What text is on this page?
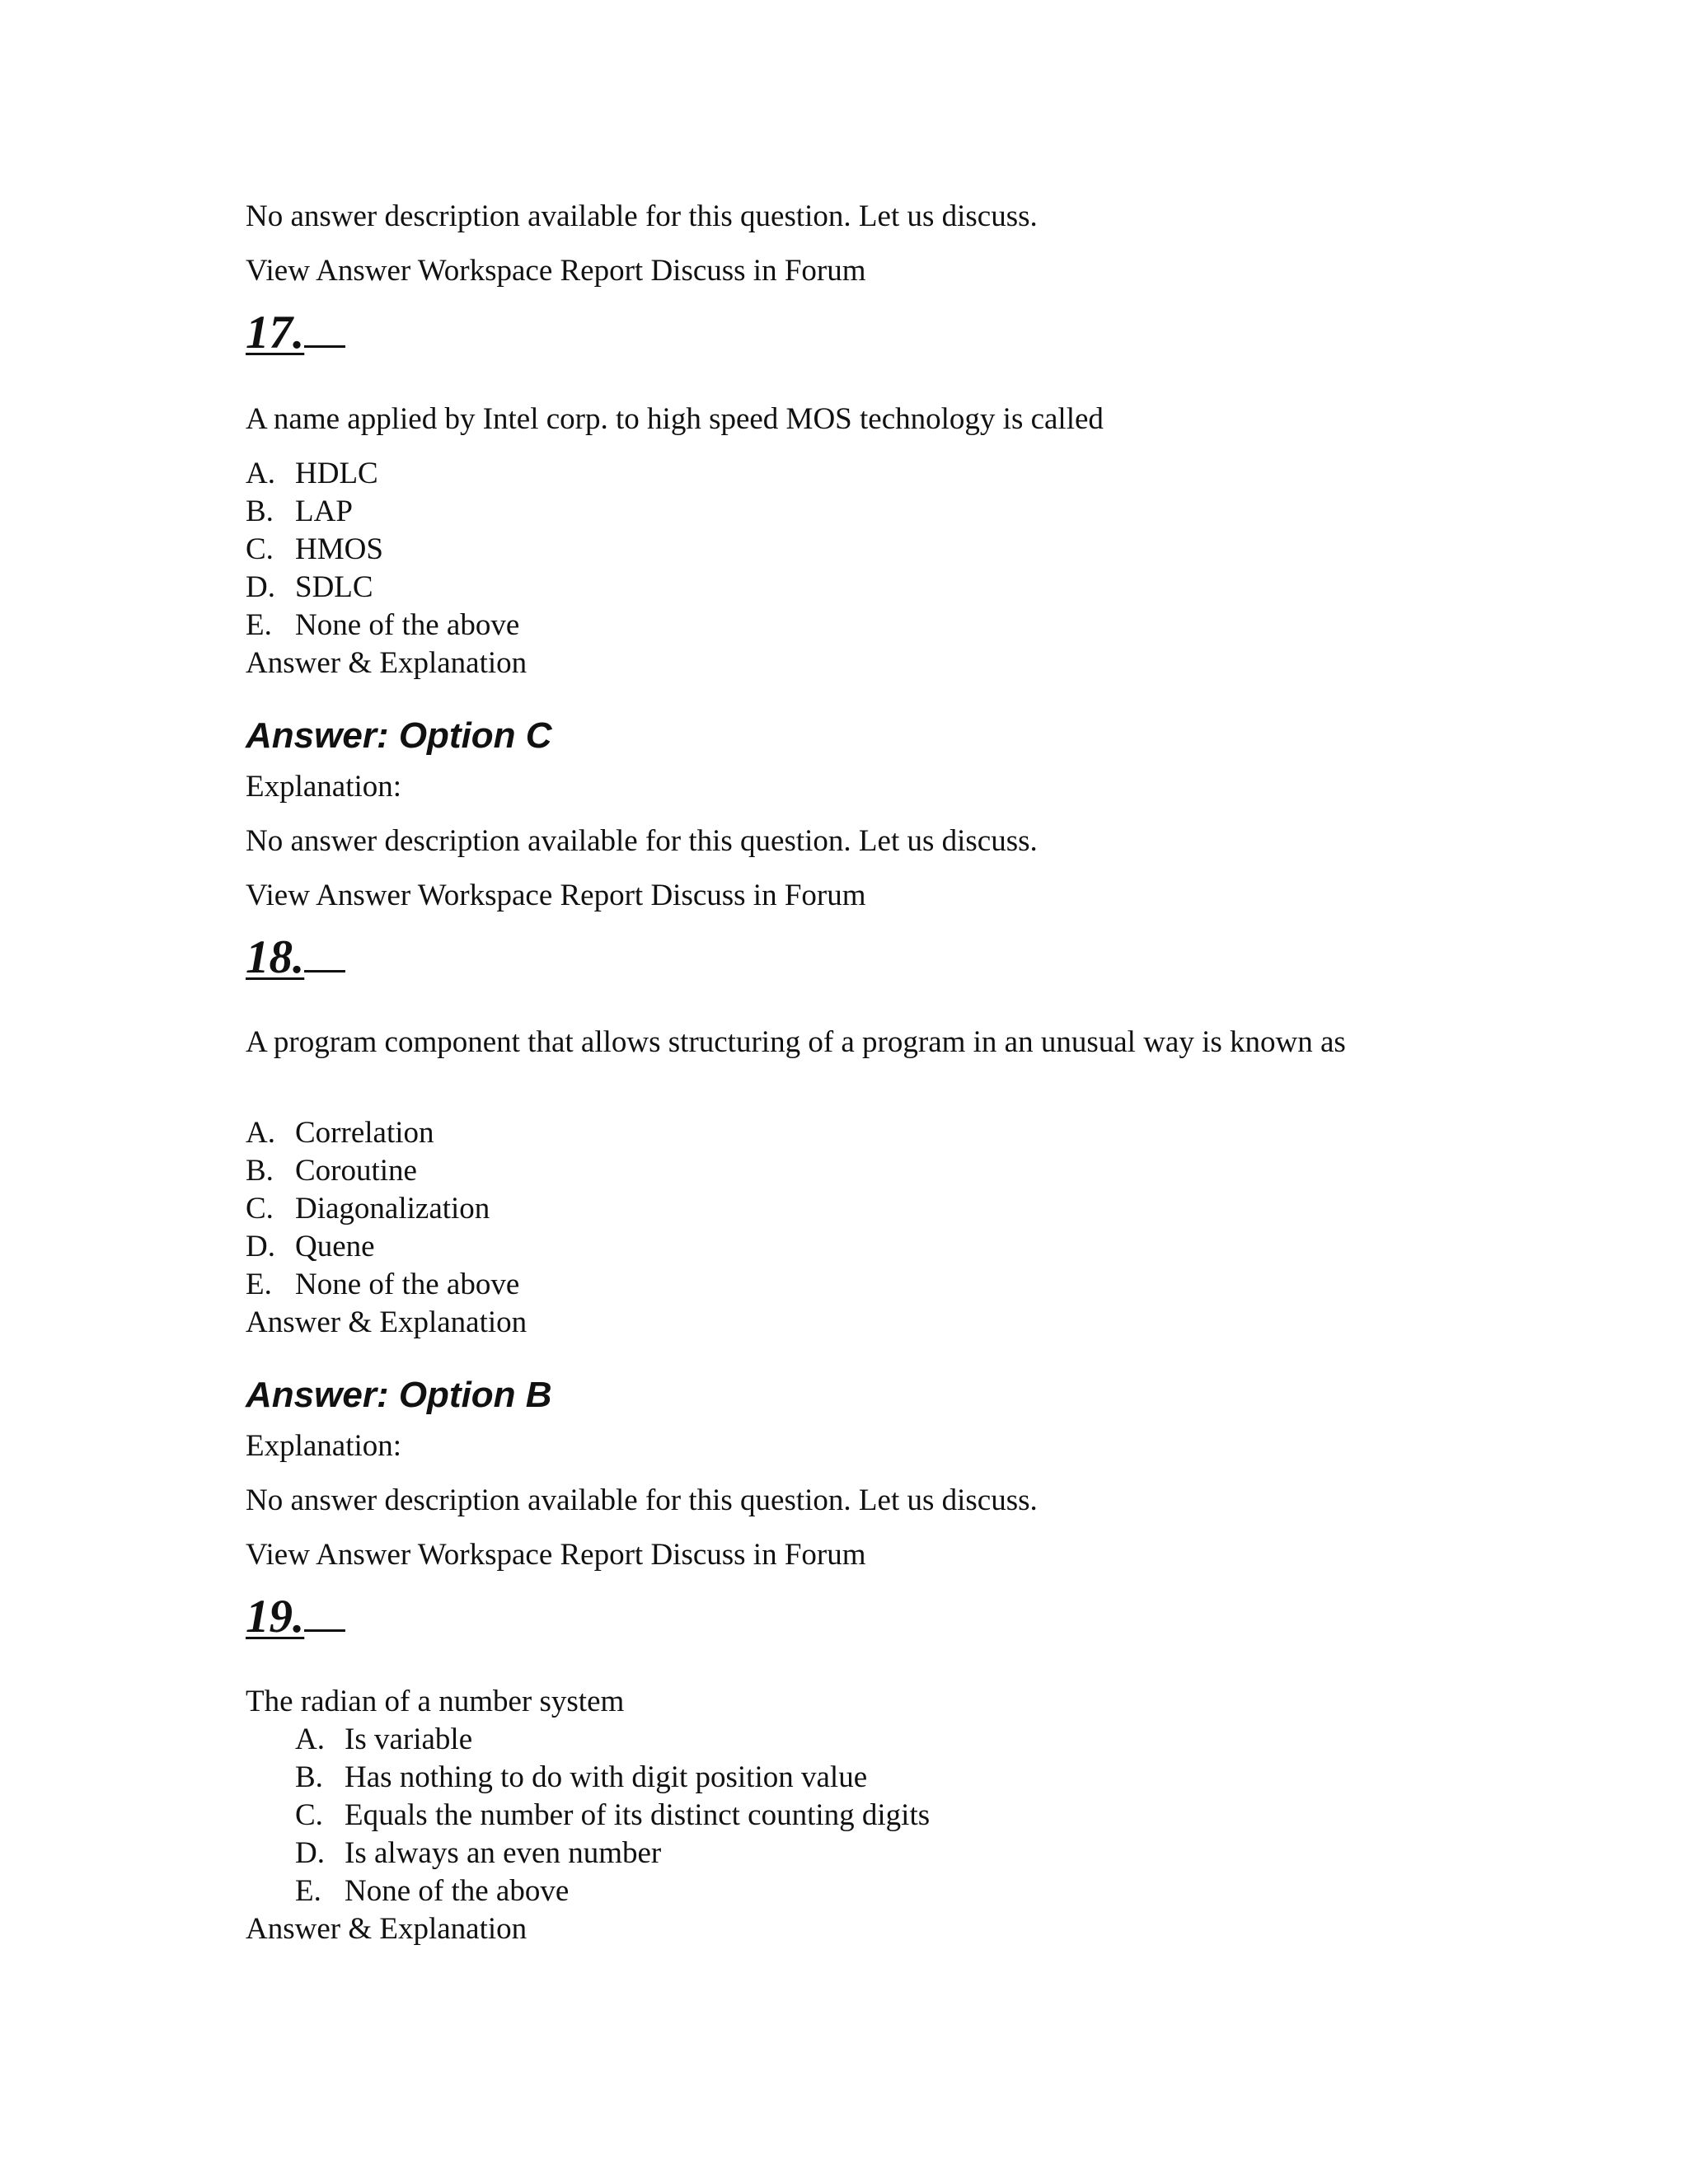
No answer description available for this question. Let us discuss.
View Answer Workspace Report Discuss in Forum
17.
A name applied by Intel corp. to high speed MOS technology is called
A. HDLC
B. LAP
C. HMOS
D. SDLC
E. None of the above
Answer & Explanation
Answer: Option C
Explanation:
No answer description available for this question. Let us discuss.
View Answer Workspace Report Discuss in Forum
18.
A program component that allows structuring of a program in an unusual way is known as
A. Correlation
B. Coroutine
C. Diagonalization
D. Quene
E. None of the above
Answer & Explanation
Answer: Option B
Explanation:
No answer description available for this question. Let us discuss.
View Answer Workspace Report Discuss in Forum
19.
The radian of a number system
A. Is variable
B. Has nothing to do with digit position value
C. Equals the number of its distinct counting digits
D. Is always an even number
E. None of the above
Answer & Explanation
